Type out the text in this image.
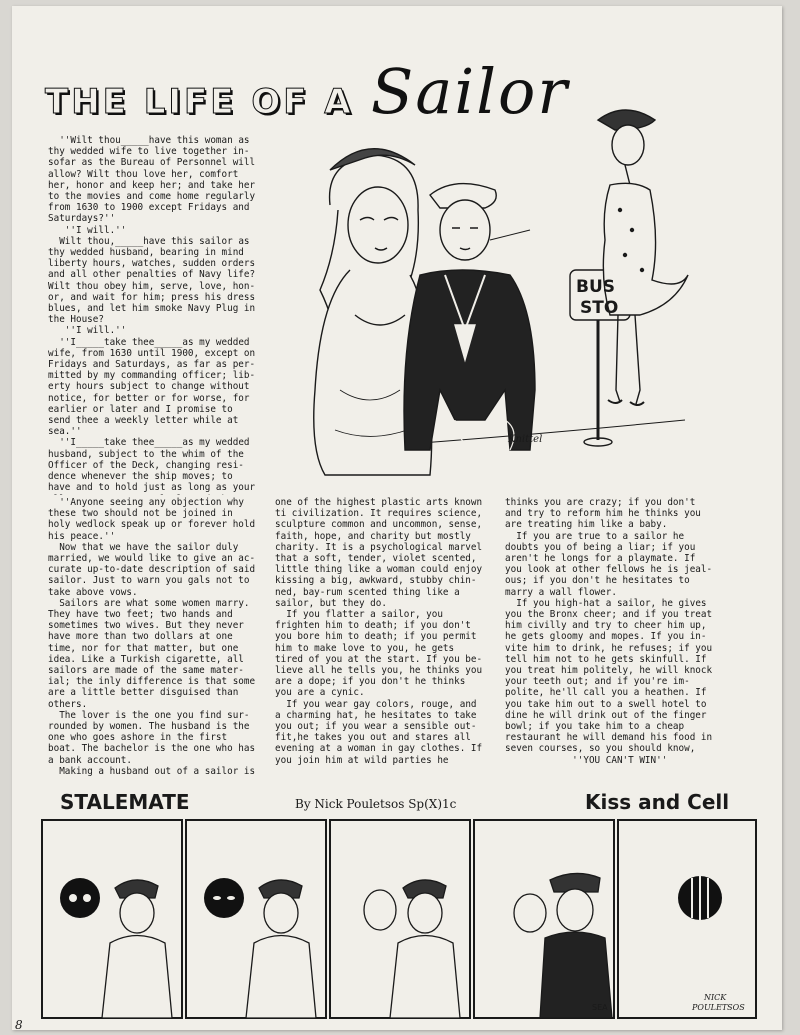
THE LIFE OF A Sailor
''Wilt thou_____have this woman as
thy wedded wife to live together in-
sofar as the Bureau of Personnel will
allow? Wilt thou love her, comfort
her, honor and keep her; and take her
to the movies and come home regularly
from 1630 to 1900 except Fridays and
Saturdays?''
''I will.''
Wilt thou,_____have this sailor as
thy wedded husband, bearing in mind
liberty hours, watches, sudden orders
and all other penalties of Navy life?
Wilt thou obey him, serve, love, hon-
or, and wait for him; press his dress
blues, and let him smoke Navy Plug in
the House?
''I will.''
''I_____take thee_____as my wedded
wife, from 1630 until 1900, except on
Fridays and Saturdays, as far as per-
mitted by my commanding officer; lib-
erty hours subject to change without
notice, for better or for worse, for
earlier or later and I promise to
send thee a weekly letter while at
sea.''
''I_____take thee_____as my wedded
husband, subject to the whim of the
Officer of the Deck, changing resi-
dence whenever the ship moves; to
have and to hold just as long as your

''Anyone seeing any objection why
these two should not be joined in
holy wedlock speak up or forever hold
his peace.''
Now that we have the sailor duly
married, we would like to give an ac-
curate up-to-date description of said
sailor. Just to warn you gals not to
take above vows.
Sailors are what some women marry.
They have two feet; two hands and
sometimes two wives. But they never
have more than two dollars at one
time, nor for that matter, but one
idea. Like a Turkish cigarette, all
sailors are made of the same mater-
ial; the inly difference is that some
are a little better disguised than
others.
The lover is the one you find sur-
rounded by women. The husband is the
one who goes ashore in the first
boat. The bachelor is the one who has
a bank account.
Making a husband out of a sailor is
one of the highest plastic arts known
ti civilization. It requires science,
sculpture common and uncommon, sense,
faith, hope, and charity but mostly
charity. It is a psychological marvel
that a soft, tender, violet scented,
little thing like a woman could enjoy
kissing a big, awkward, stubby chin-
ned, bay-rum scented thing like a
sailor, but they do.
If you flatter a sailor, you
frighten him to death; if you don't
you bore him to death; if you permit
him to make love to you, he gets
tired of you at the start. If you be-
lieve all he tells you, he thinks you
are a dope; if you don't he thinks
you are a cynic.
If you wear gay colors, rouge, and
a charming hat, he hesitates to take
you out; if you wear a sensible out-
fit,he takes you out and stares all
evening at a woman in gay clothes. If
you join him at wild parties he
thinks you are crazy; if you don't
and try to reform him he thinks you
are treating him like a baby.
If you are true to a sailor he
doubts you of being a liar; if you
aren't he longs for a playmate. If
you look at other fellows he is jeal-
ous; if you don't he hesitates to
marry a wall flower.
If you high-hat a sailor, he gives
you the Bronx cheer; and if you treat
him civilly and try to cheer him up,
he gets gloomy and mopes. If you in-
vite him to drink, he refuses; if you
tell him not to he gets skinfull. If
you treat him politely, he will knock
your teeth out; and if you're im-
polite, he'll call you a heathen. If
you take him out to a swell hotel to
dine he will drink out of the finger
bowl; if you take him to a cheap
restaurant he will demand his food in
seven courses, so you should know,
''YOU CAN'T WIN''
BUS
STO
Knittel
STALEMATE	By Nick Pouletsos Sp(X)1c	Kiss and Cell
SEA
NICK
POULETSOS
8
